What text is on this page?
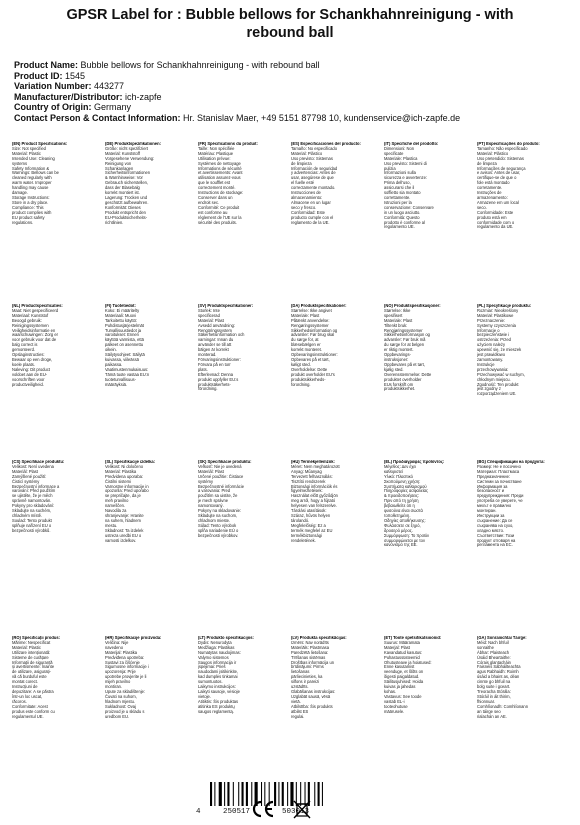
GPSR Label for : Bubble bellows for Schankhahnreinigung - with
rebound ball
Product Name: Bubble bellows for Schankhahnreinigung - with rebound ball
Product ID: 1545
Variation Number: 443277
Manufacturer/Distributor: ich-zapfe
Country of Origin: Germany
Contact Person & Contact Information: Hr. Stanislav Maer, +49 5151 87798 10, kundenservice@ich-zapfe.de
(EN) Product Specifications:
Size: Not specified
Material: Plastic
Intended Use: Cleaning
systems
Safety Information &
Warnings: Bellows can be
cleaned regularly with
warm water. Improper
handling may cause
damage.
Storage Instructions:
Store in a dry place.
Compliance: This
product complies with
EU product safety
regulations.
(DE) Produktspezifikationen:
Größe: nicht spezifiziert
Material: Kunststoff
Vorgesehene Verwendung:
Reinigung von
Schankanlagen
Sicherheitsinformationen
& Warnhinweise: Vor
Gebrauch sicherstellen,
dass der Blasebalg
korrekt montiert ist.
Lagerung: Trocken und
geschützt aufbewahren.
Konformität: Dieses
Produkt entspricht den
EU-Produktsicherheits-
richtlinien.
(FR) Spécifications du produit:
Taille: Non spécifiée
Matériau: Plastique
Utilisation prévue:
Systèmes de nettoyage
Informations de sécurité
et avertissements: Avant
utilisation assurez-vous
que le soufflet est
correctement monté.
Instructions de stockage:
Conserver dans un
endroit sec.
Conformité: Ce produit
est conforme au
règlement de l'UE sur la
sécurité des produits.
(ES) Especificaciones del producto:
Tamaño: No especificado
Material: Plástico
Uso previsto: Sistemas
de limpieza
Información de seguridad
y advertencias: Antes de
usar, asegúrese de que
el fuelle esté
correctamente montado.
Instrucciones de
almacenamiento:
Almacene en un lugar
seco y fresco.
Conformidad: Este
producto cumple con el
reglamento de la UE.
(IT) Specifiche del prodotto:
Dimensioni: Non
specificate
Materiale: Plastica
Uso previsto: Sistemi di
pulizia
Informazioni sulla
sicurezza e avvertenze:
Prima dell'uso,
assicurarsi che il
soffietto sia montato
correttamente.
Istruzioni per la
conservazione: Conservare
in un luogo asciutto.
Conformità: Questo
prodotto è conforme al
regolamento UE.
(PT) Especificações do produto:
Tamanho: Não especificado
Material: Plástico
Uso pretendido: Sistemas
de limpeza
Informações de segurança
e avisos: Antes de usar,
certifique-se de que o
fole está montado
corretamente.
Instruções de
armazenamento:
Armazene em um local
seco.
Conformidade: Este
produto está em
conformidade com o
regulamento da UE.
(NL) Productspecificaties:
Maat: Niet gespecificeerd
Materiaal: Kunststof
Beoogd gebruik:
Reinigingssystemen
Veiligheidsinformatie en
waarschuwingen: Zorg er
voor gebruik voor dat de
balg correct is
gemonteerd.
Opslaginstructies:
Bewaar op een droge,
koele plaats.
Naleving: Dit product
voldoet aan de EU-
voorschriften voor
productveiligheid.
(FI) Tuotetiedot:
Koko: Ei määritelty
Materiaali: Muovi
Tarkoitettu käyttö:
Puhdistusjärjestelmät
Turvallisuustiedot ja
varoitukset: Ennen
käyttöä varmista, että
palkeet on asennettu
oikein.
Säilytysohjeet: Säilytä
kuivassa, viileässä
paikassa.
Vaatimustenmukaisuus:
Tämä tuote vastaa EU:n
tuoteturvallisuus-
määräyksiä.
(SV) Produktspecifikationer:
Storlek: Inte
specificerad
Material: Plast
Avsedd användning:
Rengöringssystem
Säkerhetsinformation och
varningar: Innan du
använder se till att
bälgen är korrekt
monterad.
Förvaringsinstruktioner:
Förvara på en torr
plats.
Efterlevnad: Denna
produkt uppfyller EU:s
produktsäkerhets-
förordning.
(DA) Produktspecifikationer:
Størrelse: Ikke angivet
Materiale: Plast
Påtænkt anvendelse:
Rengøringssystemer
Sikkerhedsinformation og
advarsler: Før brug skal
du sørge for, at
blæsebælgen er
korrekt monteret.
Opbevaringsinstruktioner:
Opbevares på et tørt,
køligt sted.
Overholdelse: Dette
produkt overholder EU's
produktsikkerheds-
forordning.
(NO) Produktspesifikasjoner:
Størrelse: Ikke
spesifisert
Materiale: Plast
Tiltenkt bruk:
Rengjøringssystemer
Sikkerhetsinformasjon og
advarsler: Før bruk må
du sørge for at belgen
er riktig montert.
Oppbevarings-
instruksjoner:
Oppbevares på et tørt,
kjølig sted.
Overensstemmelse: Dette
produktet overholder
EUs forskrift om
produktsikkerhet.
(PL) Specyfikacje produktu:
Rozmiar: Nieokreślony
Materiał: Plastikowe
Przeznaczenie:
Systemy czyszczenia
Informacje o
bezpieczeństwie i
ostrzeżenia: Przed
użyciem należy
upewnić się, że mieszek
jest prawidłowo
zamontowany.
Instrukcje
przechowywania:
Przechowywać w suchym,
chłodnym miejscu.
Zgodność: Ten produkt
jest zgodny z
rozporządzeniem UE.
(CS) Specifikace produktu:
Velikost: Není uvedena
Materiál: Plast
Zamýšlené použití:
Čisticí systémy
Bezpečnostní informace a
varování: Před použitím
se ujistěte, že je měch
správně namontován.
Pokyny pro skladování:
Skladujte na suchém,
chladném místě.
Soulad: Tento produkt
splňuje nařízení EU o
bezpečnosti výrobků.
(SL) Specifikacije izdelka:
Velikost: Ni določeno
Material: Plastika
Predvidena uporaba:
Čistilni sistemi
Varnostne informacije in
opozorila: Pred uporabo
se prepričajte, da je
meh pravilno
nameščen.
Navodila za
shranjevanje: Hranite
na suhem, hladnem
mestu.
Skladnost: Ta izdelek
ustreza uredbi EU o
varnosti izdelkov.
(SK) Špecifikácie produktu:
Veľkosť: Nie je uvedená
Materiál: Plast
Určené použitie: Čistiace
systémy
Bezpečnostné informácie
a varovania: Pred
použitím sa uistite, že
je mech správne
namontovaný.
Pokyny na skladovanie:
Skladujte na suchom,
chladnom mieste.
Súlad: Tento výrobok
spĺňa nariadenie EÚ o
bezpečnosti výrobkov.
(HU) Termékjellemzők:
Méret: Nem meghatározott
Anyag: Műanyag
Tervezett felhasználás:
Tisztító rendszerek
Biztonsági információk és
figyelmeztetések:
Használat előtt győződjön
meg arról, hogy a fújtató
helyesen van felszerelve.
Tárolási utasítások:
Száraz, hűvös helyen
tárolandó.
Megfelelőség: Ez a
termék megfelel az EU
termékbiztonsági
rendeletének.
(EL) Προδιαγραφές προϊόντος:
Μέγεθος: Δεν έχει
καθοριστεί
Υλικό: Πλαστικό
Σκοπούμενη χρήση:
Συστήματα καθαρισμού
Πληροφορίες ασφαλείας
& προειδοποιήσεις:
Πριν από τη χρήση
βεβαιωθείτε ότι η
φυσούνα είναι σωστά
τοποθετημένη.
Οδηγίες αποθήκευσης:
Φυλάσσετε σε ξηρό,
δροσερό μέρος.
Συμμόρφωση: Το προϊόν
συμμορφώνεται με τον
κανονισμό της ΕΕ.
(BG) Спецификации на продукта:
Размер: Не е посочено
Материал: Пластмаса
Предназначение:
Системи за почистване
Информация за
безопасност и
предупреждения: Преди
употреба се уверете, че
мехът е правилно
монтиран.
Инструкции за
съхранение: Да се
съхранява на сухо,
хладно място.
Съответствие: Този
продукт отговаря на
регламента на ЕС.
(RO) Specificații produs:
Mărime: Nespecificat
Material: Plastic
Utilizare intenționată:
Sisteme de curățare
Informații de siguranță
și avertismente: Înainte
de utilizare, asigurați-
vă că burduful este
montat corect.
Instrucțiuni de
depozitare: A se păstra
într-un loc uscat,
răcoros.
Conformitate: Acest
produs este conform cu
regulamentul UE.
(HR) Specifikacije proizvoda:
Veličina: Nije
navedeno
Materijal: Plastika
Predviđena upotreba:
Sustavi za čišćenje
Sigurnosne informacije i
upozorenja: Prije
upotrebe provjerite je li
mijeh pravilno
montiran.
Upute za skladištenje:
Čuvati na suhom,
hladnom mjestu.
Sukladnost: Ovaj
proizvod je u skladu s
uredbom EU.
(LT) Produkto specifikacijos:
Dydis: Nenurodyta
Medžiaga: Plastikas
Numatytas naudojimas:
Valymo sistemos
Saugos informacija ir
įspėjimai: Prieš
naudodami įsitikinkite,
kad dumplės tinkamai
sumontuotos.
Laikymo instrukcijos:
Laikyti sausoje, vėsioje
vietoje.
Atitiktis: Šis produktas
atitinka ES produktų
saugos reglamentą.
(LV) Produkta specifikācijas:
Izmērs: Nav norādīts
Materiāls: Plastmasa
Paredzētā lietošana:
Tīrīšanas sistēmas
Drošības informācija un
brīdinājumi: Pirms
lietošanas
pārliecinieties, ka
silfons ir pareizi
uzstādīts.
Glabāšanas instrukcijas:
Uzglabāt sausā, vēsā
vietā.
Atbilstība: Šis produkts
atbilst ES
regulai.
(ET) Toote spetsifikatsioonid:
Suurus: Määramata
Materjal: Plast
Kavandatud kasutus:
Puhastussüsteemid
Ohutusteave ja hoiatused:
Enne kasutamist
veenduge, et lõõts on
õigesti paigaldatud.
Säilitusjuhised: Hoida
kuivas ja jahedas
kohas.
Vastavus: See toode
vastab EL-i
tooteohutuse
määrusele.
(GA) Sonraíochtaí Táirge:
Méid: Nach bhfuil
sonraithe
Ábhar: Plaisteach
Úsáid Bheartaithe:
Córais glantacháin
Faisnéis Sábháilteachta
agus Rabhaidh: Roimh
úsáid a bhaint as, déan
cinnte go bhfuil na
bolg suite i gceart.
Treoracha Stórála:
Stóráil in áit thirim,
fhionnuar.
Comhlíonadh: Comhlíonann
an táirge seo
rialachán an AE.
4	250517	503013
